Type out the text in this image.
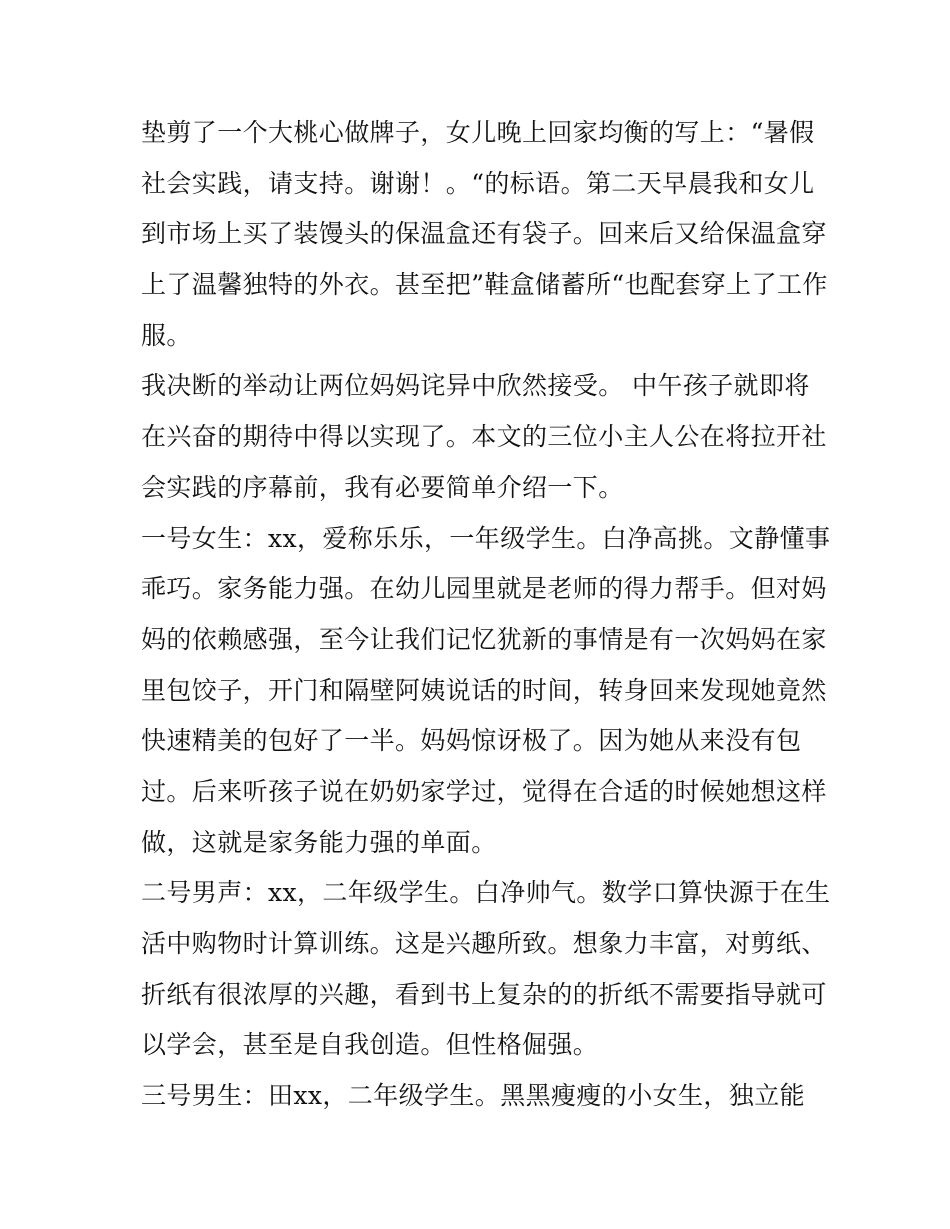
垫剪了一个大桃心做牌子，女儿晚上回家均衡的写上：“暑假
社会实践，请支持。谢谢！。“的标语。第二天早晨我和女儿
到市场上买了装馒头的保温盒还有袋子。回来后又给保温盒穿
上了温馨独特的外衣。甚至把”鞋盒储蓄所“也配套穿上了工作
服。
我决断的举动让两位妈妈诧异中欣然接受。 中午孩子就即将
在兴奋的期待中得以实现了。本文的三位小主人公在将拉开社
会实践的序幕前，我有必要简单介绍一下。
一号女生：xx，爱称乐乐，一年级学生。白净高挑。文静懂事
乖巧。家务能力强。在幼儿园里就是老师的得力帮手。但对妈
妈的依赖感强，至今让我们记忆犹新的事情是有一次妈妈在家
里包饺子，开门和隔壁阿姨说话的时间，转身回来发现她竟然
快速精美的包好了一半。妈妈惊讶极了。因为她从来没有包
过。后来听孩子说在奶奶家学过，觉得在合适的时候她想这样
做，这就是家务能力强的单面。
二号男声：xx，二年级学生。白净帅气。数学口算快源于在生
活中购物时计算训练。这是兴趣所致。想象力丰富，对剪纸、
折纸有很浓厚的兴趣，看到书上复杂的的折纸不需要指导就可
以学会，甚至是自我创造。但性格倔强。
三号男生：田xx，二年级学生。黑黑瘦瘦的小女生，独立能
